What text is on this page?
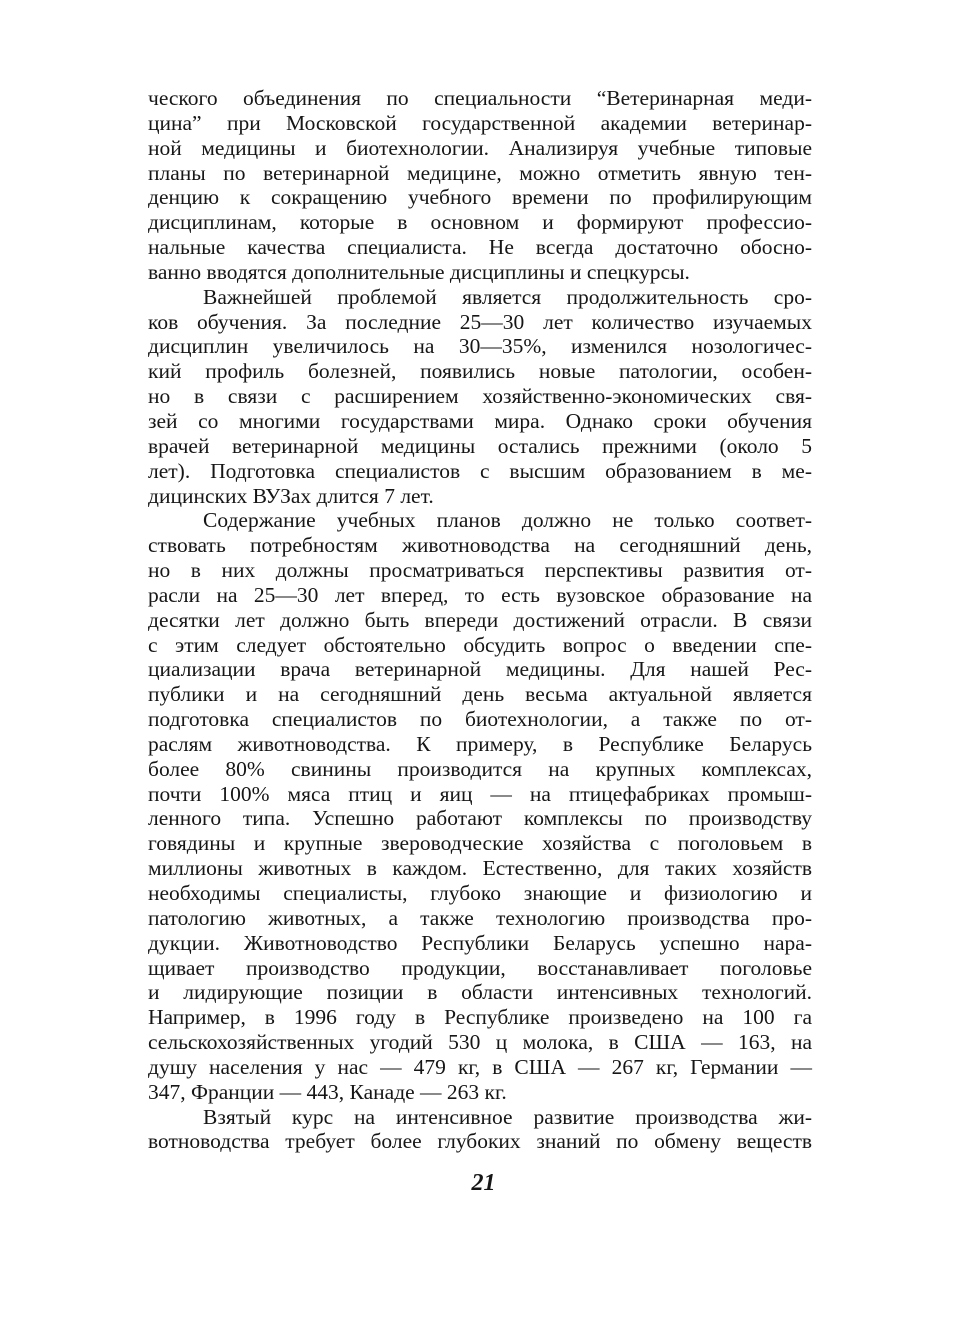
ческого объединения по специальности “Ветеринарная меди-
цина” при Московской государственной академии ветеринар-
ной медицины и биотехнологии. Анализируя учебные типовые
планы по ветеринарной медицине, можно отметить явную тен-
денцию к сокращению учебного времени по профилирующим
дисциплинам, которые в основном и формируют профессио-
нальные качества специалиста. Не всегда достаточно обосно-
ванно вводятся дополнительные дисциплины и спецкурсы.

Важнейшей проблемой является продолжительность сро-
ков обучения. За последние 25—30 лет количество изучаемых
дисциплин увеличилось на 30—35%, изменился нозологичес-
кий профиль болезней, появились новые патологии, особен-
но в связи с расширением хозяйственно-экономических свя-
зей со многими государствами мира. Однако сроки обучения
врачей ветеринарной медицины остались прежними (около 5
лет). Подготовка специалистов с высшим образованием в ме-
дицинских ВУЗах длится 7 лет.

Содержание учебных планов должно не только соответ-
ствовать потребностям животноводства на сегодняшний день,
но в них должны просматриваться перспективы развития от-
расли на 25—30 лет вперед, то есть вузовское образование на
десятки лет должно быть впереди достижений отрасли. В связи
с этим следует обстоятельно обсудить вопрос о введении спе-
циализации врача ветеринарной медицины. Для нашей Рес-
публики и на сегодняшний день весьма актуальной является
подготовка специалистов по биотехнологии, а также по от-
раслям животноводства. К примеру, в Республике Беларусь
более 80% свинины производится на крупных комплексах,
почти 100% мяса птиц и яиц — на птицефабриках промыш-
ленного типа. Успешно работают комплексы по производству
говядины и крупные звероводческие хозяйства с поголовьем в
миллионы животных в каждом. Естественно, для таких хозяйств
необходимы специалисты, глубоко знающие и физиологию и
патологию животных, а также технологию производства про-
дукции. Животноводство Республики Беларусь успешно нара-
щивает производство продукции, восстанавливает поголовье
и лидирующие позиции в области интенсивных технологий.
Например, в 1996 году в Республике произведено на 100 га
сельскохозяйственных угодий 530 ц молока, в США — 163, на
душу населения у нас — 479 кг, в США — 267 кг, Германии —
347, Франции — 443, Канаде — 263 кг.

Взятый курс на интенсивное развитие производства жи-
вотноводства требует более глубоких знаний по обмену веществ

21
